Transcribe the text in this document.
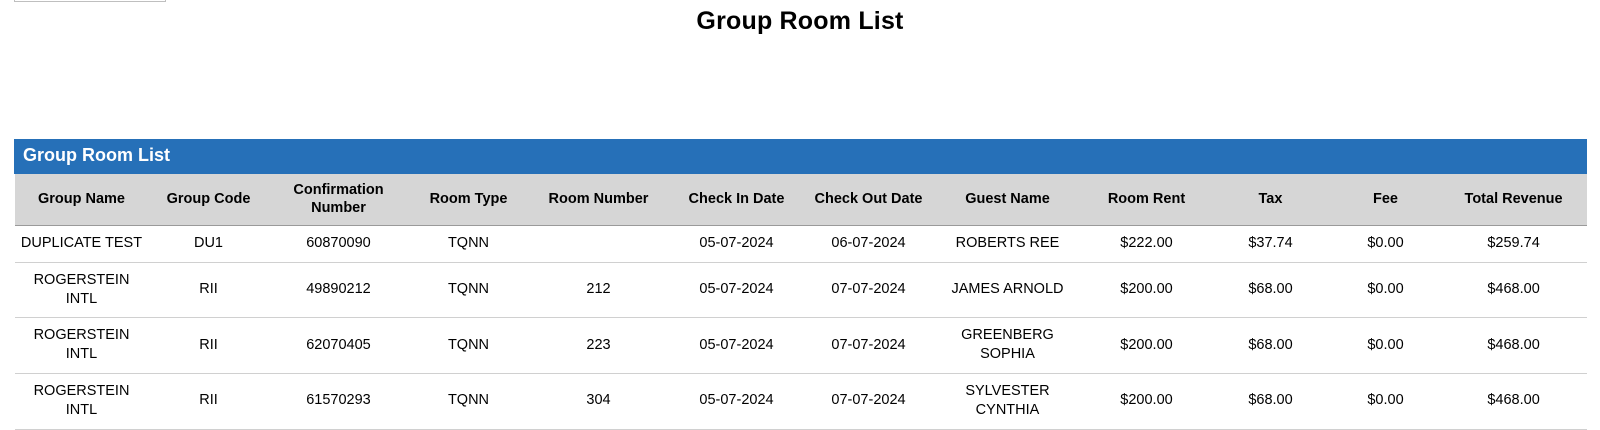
Group Room List
Group Room List											
Group Name	Group Code	Confirmation Number	Room Type	Room Number	Check In Date	Check Out Date	Guest Name	Room Rent	Tax	Fee	Total Revenue
DUPLICATE TEST	DU1	60870090	TQNN		05-07-2024	06-07-2024	ROBERTS REE	$222.00	$37.74	$0.00	$259.74
ROGERSTEIN INTL	RII	49890212	TQNN	212	05-07-2024	07-07-2024	JAMES ARNOLD	$200.00	$68.00	$0.00	$468.00
ROGERSTEIN INTL	RII	62070405	TQNN	223	05-07-2024	07-07-2024	GREENBERG SOPHIA	$200.00	$68.00	$0.00	$468.00
ROGERSTEIN INTL	RII	61570293	TQNN	304	05-07-2024	07-07-2024	SYLVESTER CYNTHIA	$200.00	$68.00	$0.00	$468.00
